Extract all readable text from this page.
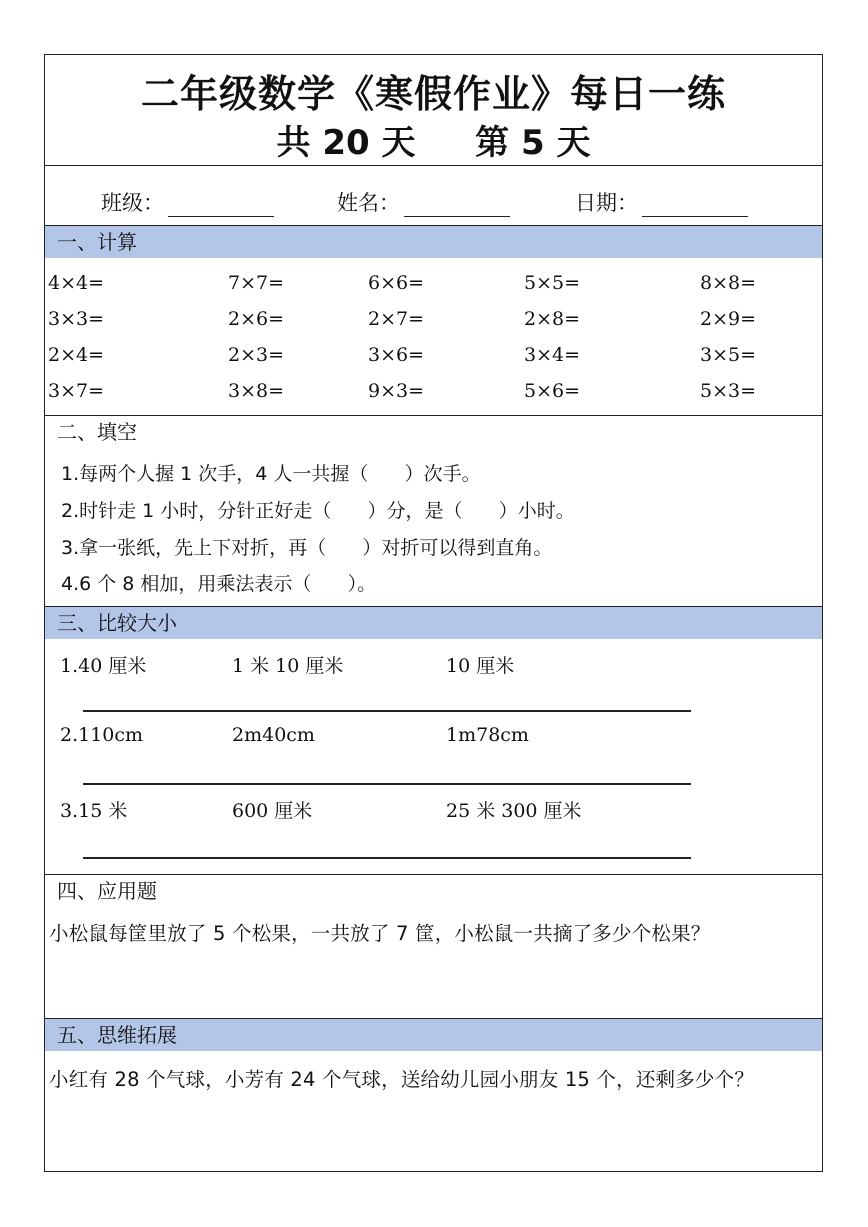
二年级数学《寒假作业》每日一练
共 20 天 第 5 天
班级：	姓名：	日期：
一、计算
4×4=	7×7=	6×6=	5×5=	8×8=
3×3=	2×6=	2×7=	2×8=	2×9=
2×4=	2×3=	3×6=	3×4=	3×5=
3×7=	3×8=	9×3=	5×6=	5×3=
二、填空
1.每两个人握 1 次手，4 人一共握（      ）次手。
2.时针走 1 小时，分针正好走（      ）分，是（      ）小时。
3.拿一张纸，先上下对折，再（      ）对折可以得到直角。
4.6 个 8 相加，用乘法表示（      ）。
三、比较大小
1.40 厘米	1 米 10 厘米	10 厘米
2.110cm	2m40cm	1m78cm
3.15 米	600 厘米	25 米 300 厘米
四、应用题
小松鼠每筐里放了 5 个松果，一共放了 7 筐，小松鼠一共摘了多少个松果？
五、思维拓展
小红有 28 个气球，小芳有 24 个气球，送给幼儿园小朋友 15 个，还剩多少个？
